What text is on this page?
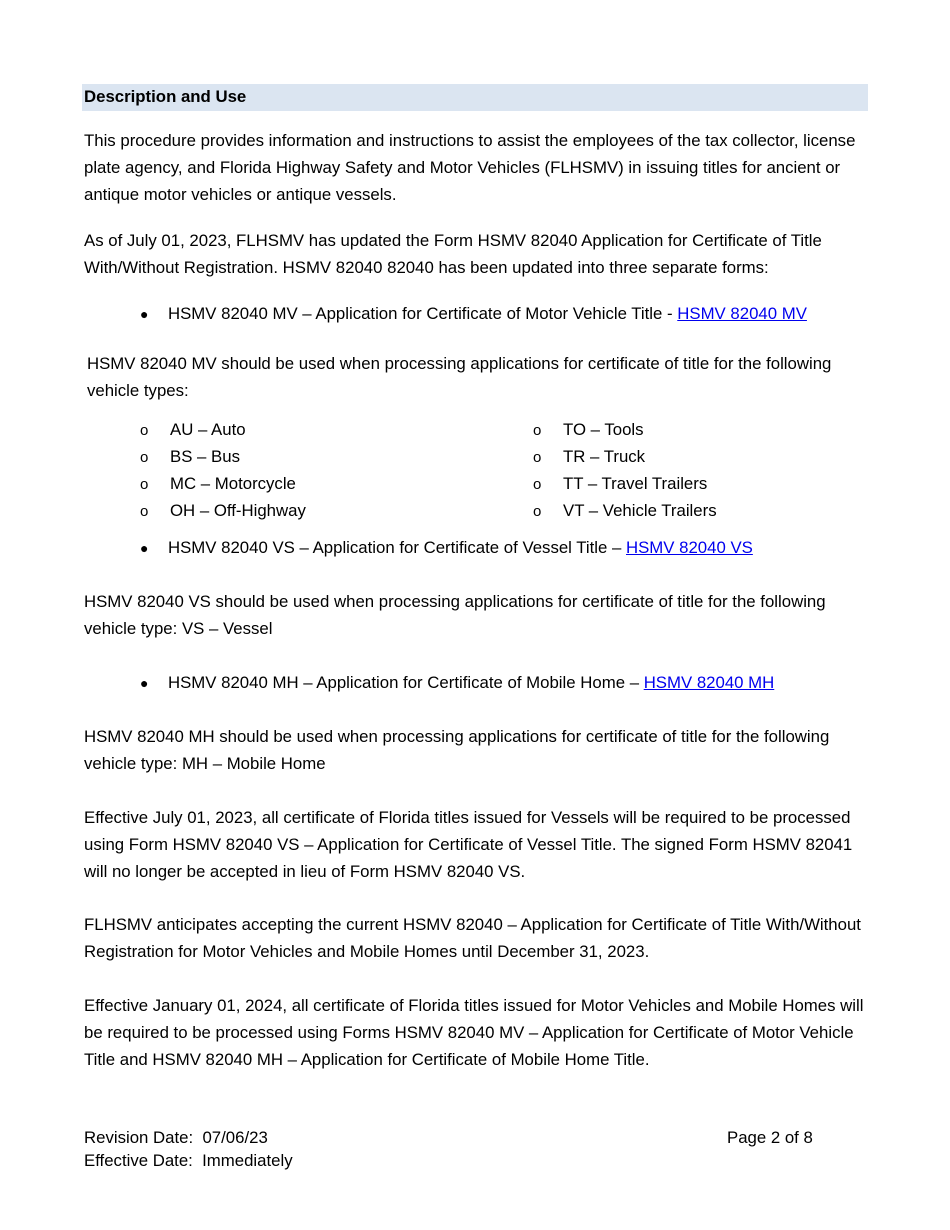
Description and Use
This procedure provides information and instructions to assist the employees of the tax collector, license plate agency, and Florida Highway Safety and Motor Vehicles (FLHSMV) in issuing titles for ancient or antique motor vehicles or antique vessels.
As of July 01, 2023, FLHSMV has updated the Form HSMV 82040 Application for Certificate of Title With/Without Registration. HSMV 82040 82040 has been updated into three separate forms:
● HSMV 82040 MV – Application for Certificate of Motor Vehicle Title - HSMV 82040 MV
HSMV 82040 MV should be used when processing applications for certificate of title for the following vehicle types:
o AU – Auto
o BS – Bus
o MC – Motorcycle
o OH – Off-Highway
o TO – Tools
o TR – Truck
o TT – Travel Trailers
o VT – Vehicle Trailers
● HSMV 82040 VS – Application for Certificate of Vessel Title – HSMV 82040 VS
HSMV 82040 VS should be used when processing applications for certificate of title for the following vehicle type: VS – Vessel
● HSMV 82040 MH – Application for Certificate of Mobile Home – HSMV 82040 MH
HSMV 82040 MH should be used when processing applications for certificate of title for the following vehicle type: MH – Mobile Home
Effective July 01, 2023, all certificate of Florida titles issued for Vessels will be required to be processed using Form HSMV 82040 VS – Application for Certificate of Vessel Title. The signed Form HSMV 82041 will no longer be accepted in lieu of Form HSMV 82040 VS.
FLHSMV anticipates accepting the current HSMV 82040 – Application for Certificate of Title With/Without Registration for Motor Vehicles and Mobile Homes until December 31, 2023.
Effective January 01, 2024, all certificate of Florida titles issued for Motor Vehicles and Mobile Homes will be required to be processed using Forms HSMV 82040 MV – Application for Certificate of Motor Vehicle Title and HSMV 82040 MH – Application for Certificate of Mobile Home Title.
Revision Date:  07/06/23
Effective Date:  Immediately
Page 2 of 8
